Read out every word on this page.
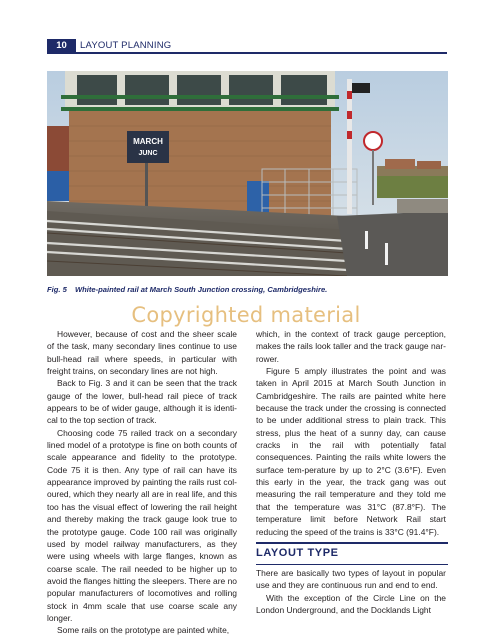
10	LAYOUT PLANNING
MARCH
JUNC
Fig. 5 White-painted rail at March South Junction crossing, Cambridgeshire.
Copyrighted material

However, because of cost and the sheer scale of the task, many secondary lines continue to use bull-head rail where speeds, in particular with freight trains, on secondary lines are not high.

Back to Fig. 3 and it can be seen that the track gauge of the lower, bull-head rail piece of track appears to be of wider gauge, although it is identi-cal to the top section of track.

Choosing code 75 railed track on a secondary lined model of a prototype is fine on both counts of scale appearance and fidelity to the prototype. Code 75 it is then. Any type of rail can have its appearance improved by painting the rails rust col-oured, which they nearly all are in real life, and this too has the visual effect of lowering the rail height and thereby making the track gauge look true to the prototype gauge. Code 100 rail was originally used by model railway manufacturers, as they were using wheels with large flanges, known as coarse scale. The rail needed to be higher up to avoid the flanges hitting the sleepers. There are no popular manufacturers of locomotives and rolling stock in 4mm scale that use coarse scale any longer.

Some rails on the prototype are painted white,

which, in the context of track gauge perception, makes the rails look taller and the track gauge nar-rower.

Figure 5 amply illustrates the point and was taken in April 2015 at March South Junction in Cambridgeshire. The rails are painted white here because the track under the crossing is connected to be under additional stress to plain track. This stress, plus the heat of a sunny day, can cause cracks in the rail with potentially fatal consequences. Painting the rails white lowers the surface tem-perature by up to 2°C (3.6°F). Even this early in the year, the track gang was out measuring the rail temperature and they told me that the temperature was 31°C (87.8°F). The temperature limit before Network Rail start reducing the speed of the trains is 33°C (91.4°F).

LAYOUT TYPE

There are basically two types of layout in popular use and they are continuous run and end to end.

With the exception of the Circle Line on the London Underground, and the Docklands Light
